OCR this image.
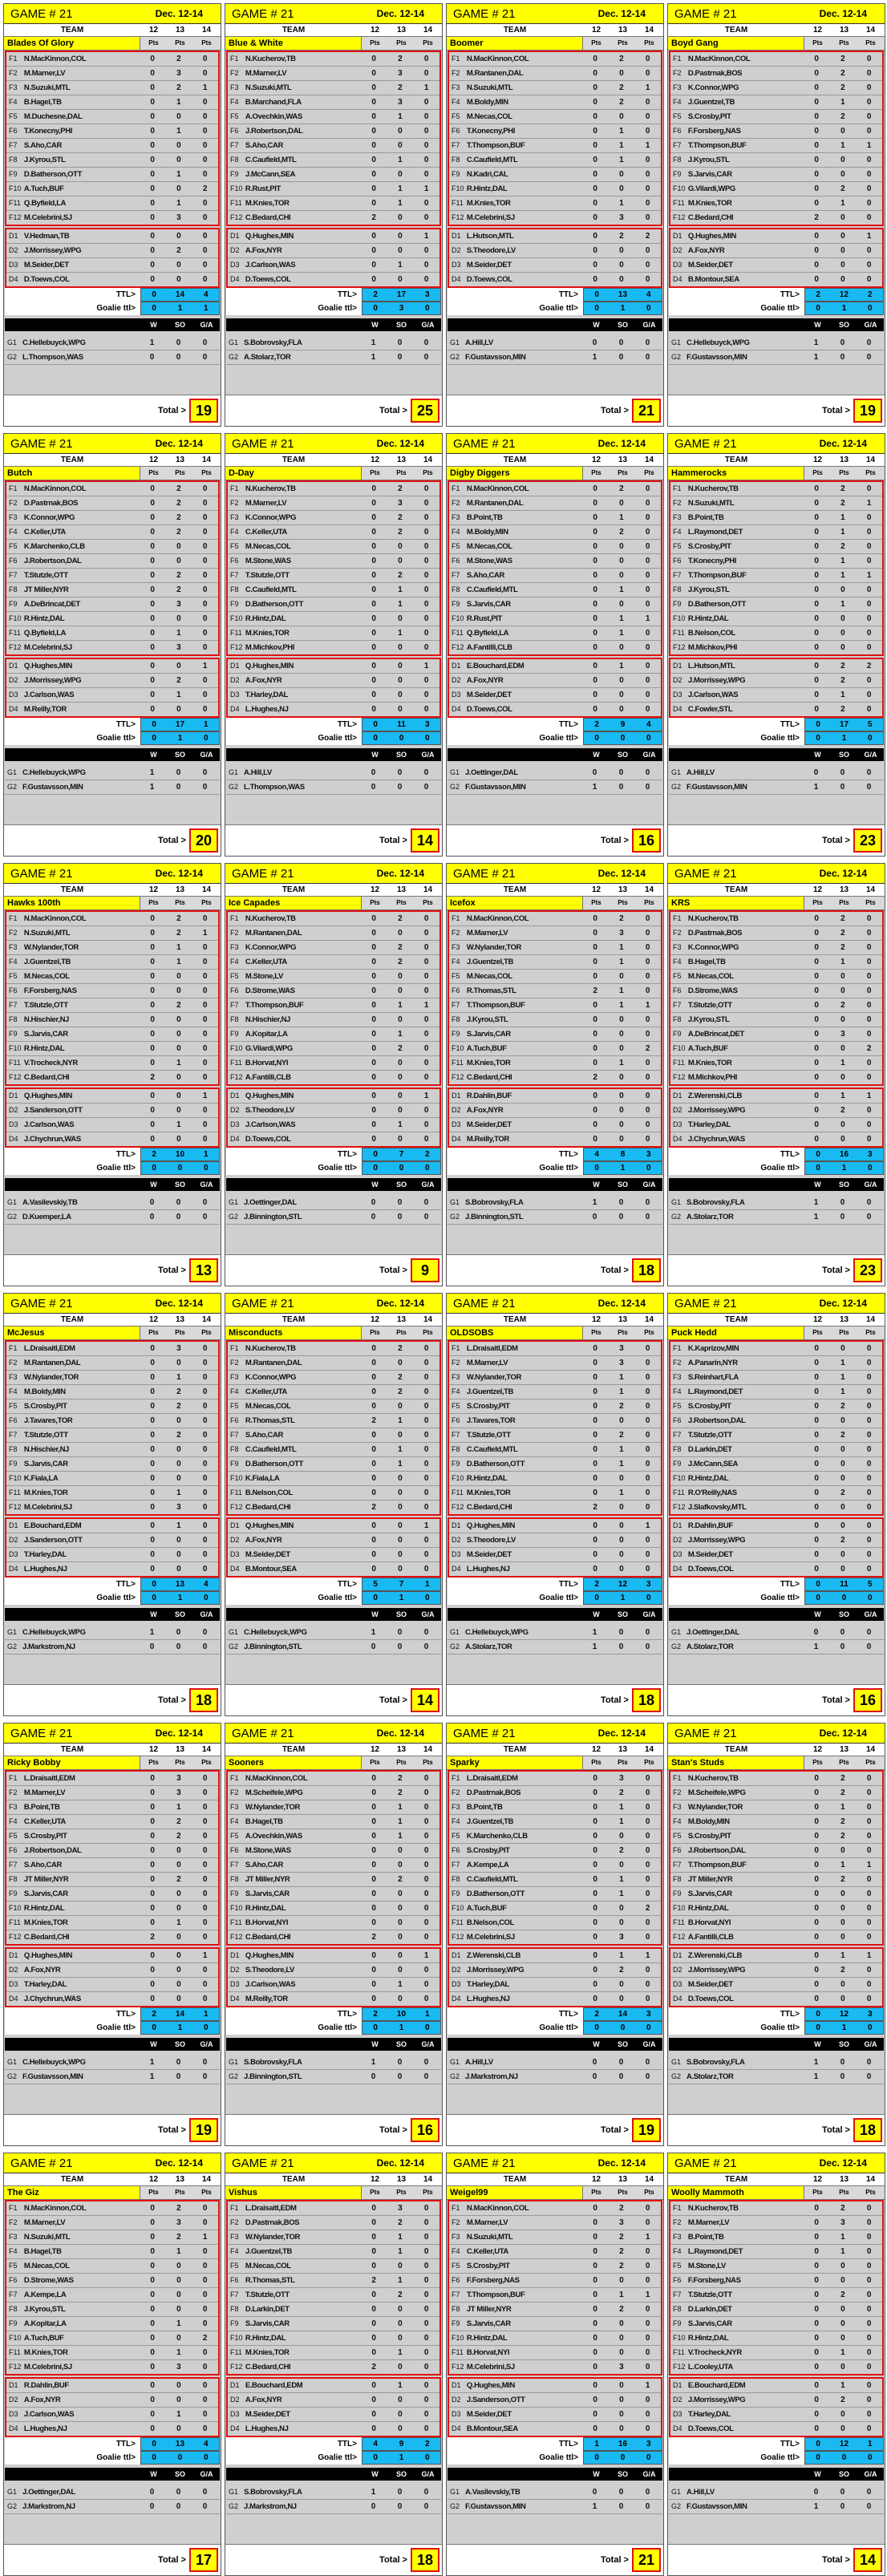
GAME # 21	Dec. 12-14
TEAM	12	13	14
Blades Of Glory	Pts	Pts	Pts
F1 N.MacKinnon,COL	0	2	0
F2 M.Marner,LV	0	3	0
F3 N.Suzuki,MTL	0	2	1
F4 B.Hagel,TB	0	1	0
F5 M.Duchesne,DAL	0	0	0
F6 T.Konecny,PHI	0	1	0
F7 S.Aho,CAR	0	0	0
F8 J.Kyrou,STL	0	0	0
F9 D.Batherson,OTT	0	1	0
F10 A.Tuch,BUF	0	0	2
F11 Q.Byfield,LA	0	1	0
F12 M.Celebrini,SJ	0	3	0
D1 V.Hedman,TB	0	0	0
D2 J.Morrissey,WPG	0	2	0
D3 M.Seider,DET	0	0	0
D4 D.Toews,COL	0	0	0
TTL>	0	14	4
Goalie ttl>	0	1	1
W	SO	G/A
G1 C.Hellebuyck,WPG	1	0	0
G2 L.Thompson,WAS	0	0	0
Total > 19
GAME # 21	Dec. 12-14
TEAM	12	13	14
Blue & White	Pts	Pts	Pts
F1 N.Kucherov,TB	0	2	0
F2 M.Marner,LV	0	3	0
F3 N.Suzuki,MTL	0	2	1
F4 B.Marchand,FLA	0	3	0
F5 A.Ovechkin,WAS	0	1	0
F6 J.Robertson,DAL	0	0	0
F7 S.Aho,CAR	0	0	0
F8 C.Caufield,MTL	0	1	0
F9 J.McCann,SEA	0	0	0
F10 R.Rust,PIT	0	1	1
F11 M.Knies,TOR	0	1	0
F12 C.Bedard,CHI	2	0	0
D1 Q.Hughes,MIN	0	0	1
D2 A.Fox,NYR	0	0	0
D3 J.Carlson,WAS	0	1	0
D4 D.Toews,COL	0	0	0
TTL>	2	17	3
Goalie ttl>	0	3	0
W	SO	G/A
G1 S.Bobrovsky,FLA	1	0	0
G2 A.Stolarz,TOR	1	0	0
Total > 25
GAME # 21	Dec. 12-14
TEAM	12	13	14
Boomer	Pts	Pts	Pts
F1 N.MacKinnon,COL	0	2	0
F2 M.Rantanen,DAL	0	0	0
F3 N.Suzuki,MTL	0	2	1
F4 M.Boldy,MIN	0	2	0
F5 M.Necas,COL	0	0	0
F6 T.Konecny,PHI	0	1	0
F7 T.Thompson,BUF	0	1	1
F8 C.Caufield,MTL	0	1	0
F9 N.Kadri,CAL	0	0	0
F10 R.Hintz,DAL	0	0	0
F11 M.Knies,TOR	0	1	0
F12 M.Celebrini,SJ	0	3	0
D1 L.Hutson,MTL	0	2	2
D2 S.Theodore,LV	0	0	0
D3 M.Seider,DET	0	0	0
D4 D.Toews,COL	0	0	0
TTL>	0	13	4
Goalie ttl>	0	1	0
W	SO	G/A
G1 A.Hill,LV	0	0	0
G2 F.Gustavsson,MIN	1	0	0
Total > 21
GAME # 21	Dec. 12-14
TEAM	12	13	14
Boyd Gang	Pts	Pts	Pts
F1 N.MacKinnon,COL	0	2	0
F2 D.Pastrnak,BOS	0	2	0
F3 K.Connor,WPG	0	2	0
F4 J.Guentzel,TB	0	1	0
F5 S.Crosby,PIT	0	2	0
F6 F.Forsberg,NAS	0	0	0
F7 T.Thompson,BUF	0	1	1
F8 J.Kyrou,STL	0	0	0
F9 S.Jarvis,CAR	0	0	0
F10 G.Vilardi,WPG	0	2	0
F11 M.Knies,TOR	0	1	0
F12 C.Bedard,CHI	2	0	0
D1 Q.Hughes,MIN	0	0	1
D2 A.Fox,NYR	0	0	0
D3 M.Seider,DET	0	0	0
D4 B.Montour,SEA	0	0	0
TTL>	2	12	2
Goalie ttl>	0	1	0
W	SO	G/A
G1 C.Hellebuyck,WPG	1	0	0
G2 F.Gustavsson,MIN	1	0	0
Total > 19
GAME # 21	Dec. 12-14
TEAM	12	13	14
Butch	Pts	Pts	Pts
F1 N.MacKinnon,COL	0	2	0
F2 D.Pastrnak,BOS	0	2	0
F3 K.Connor,WPG	0	2	0
F4 C.Keller,UTA	0	2	0
F5 K.Marchenko,CLB	0	0	0
F6 J.Robertson,DAL	0	0	0
F7 T.Stutzle,OTT	0	2	0
F8 JT Miller,NYR	0	2	0
F9 A.DeBrincat,DET	0	3	0
F10 R.Hintz,DAL	0	0	0
F11 Q.Byfield,LA	0	1	0
F12 M.Celebrini,SJ	0	3	0
D1 Q.Hughes,MIN	0	0	1
D2 J.Morrissey,WPG	0	2	0
D3 J.Carlson,WAS	0	1	0
D4 M.Reilly,TOR	0	0	0
TTL>	0	17	1
Goalie ttl>	0	1	0
W	SO	G/A
G1 C.Hellebuyck,WPG	1	0	0
G2 F.Gustavsson,MIN	1	0	0
Total > 20
GAME # 21	Dec. 12-14
TEAM	12	13	14
D-Day	Pts	Pts	Pts
F1 N.Kucherov,TB	0	2	0
F2 M.Marner,LV	0	3	0
F3 K.Connor,WPG	0	2	0
F4 C.Keller,UTA	0	2	0
F5 M.Necas,COL	0	0	0
F6 M.Stone,WAS	0	0	0
F7 T.Stutzle,OTT	0	2	0
F8 C.Caufield,MTL	0	1	0
F9 D.Batherson,OTT	0	1	0
F10 R.Hintz,DAL	0	0	0
F11 M.Knies,TOR	0	1	0
F12 M.Michkov,PHI	0	0	0
D1 Q.Hughes,MIN	0	0	1
D2 A.Fox,NYR	0	0	0
D3 T.Harley,DAL	0	0	0
D4 L.Hughes,NJ	0	0	0
TTL>	0	11	3
Goalie ttl>	0	0	0
W	SO	G/A
G1 A.Hill,LV	0	0	0
G2 L.Thompson,WAS	0	0	0
Total > 14
GAME # 21	Dec. 12-14
TEAM	12	13	14
Digby Diggers	Pts	Pts	Pts
F1 N.MacKinnon,COL	0	2	0
F2 M.Rantanen,DAL	0	0	0
F3 B.Point,TB	0	1	0
F4 M.Boldy,MIN	0	2	0
F5 M.Necas,COL	0	0	0
F6 M.Stone,WAS	0	0	0
F7 S.Aho,CAR	0	0	0
F8 C.Caufield,MTL	0	1	0
F9 S.Jarvis,CAR	0	0	0
F10 R.Rust,PIT	0	1	1
F11 Q.Byfield,LA	0	1	0
F12 A.Fantilli,CLB	0	0	0
D1 E.Bouchard,EDM	0	1	0
D2 A.Fox,NYR	0	0	0
D3 M.Seider,DET	0	0	0
D4 D.Toews,COL	0	0	0
TTL>	2	9	4
Goalie ttl>	0	0	0
W	SO	G/A
G1 J.Oettinger,DAL	0	0	0
G2 F.Gustavsson,MIN	1	0	0
Total > 16
GAME # 21	Dec. 12-14
TEAM	12	13	14
Hammerocks	Pts	Pts	Pts
F1 N.Kucherov,TB	0	2	0
F2 N.Suzuki,MTL	0	2	1
F3 B.Point,TB	0	1	0
F4 L.Raymond,DET	0	1	0
F5 S.Crosby,PIT	0	2	0
F6 T.Konecny,PHI	0	1	0
F7 T.Thompson,BUF	0	1	1
F8 J.Kyrou,STL	0	0	0
F9 D.Batherson,OTT	0	1	0
F10 R.Hintz,DAL	0	0	0
F11 B.Nelson,COL	0	0	0
F12 M.Michkov,PHI	0	0	0
D1 L.Hutson,MTL	0	2	2
D2 J.Morrissey,WPG	0	2	0
D3 J.Carlson,WAS	0	1	0
D4 C.Fowler,STL	0	2	0
TTL>	0	17	5
Goalie ttl>	0	1	0
W	SO	G/A
G1 A.Hill,LV	0	0	0
G2 F.Gustavsson,MIN	1	0	0
Total > 23
GAME # 21	Dec. 12-14
TEAM	12	13	14
Hawks 100th	Pts	Pts	Pts
F1 N.MacKinnon,COL	0	2	0
F2 N.Suzuki,MTL	0	2	1
F3 W.Nylander,TOR	0	1	0
F4 J.Guentzel,TB	0	1	0
F5 M.Necas,COL	0	0	0
F6 F.Forsberg,NAS	0	0	0
F7 T.Stutzle,OTT	0	2	0
F8 N.Hischier,NJ	0	0	0
F9 S.Jarvis,CAR	0	0	0
F10 R.Hintz,DAL	0	0	0
F11 V.Trocheck,NYR	0	1	0
F12 C.Bedard,CHI	2	0	0
D1 Q.Hughes,MIN	0	0	1
D2 J.Sanderson,OTT	0	0	0
D3 J.Carlson,WAS	0	1	0
D4 J.Chychrun,WAS	0	0	0
TTL>	2	10	1
Goalie ttl>	0	0	0
W	SO	G/A
G1 A.Vasilevskiy,TB	0	0	0
G2 D.Kuemper,LA	0	0	0
Total > 13
GAME # 21	Dec. 12-14
TEAM	12	13	14
Ice Capades	Pts	Pts	Pts
F1 N.Kucherov,TB	0	2	0
F2 M.Rantanen,DAL	0	0	0
F3 K.Connor,WPG	0	2	0
F4 C.Keller,UTA	0	2	0
F5 M.Stone,LV	0	0	0
F6 D.Strome,WAS	0	0	0
F7 T.Thompson,BUF	0	1	1
F8 N.Hischier,NJ	0	0	0
F9 A.Kopitar,LA	0	1	0
F10 G.Vilardi,WPG	0	2	0
F11 B.Horvat,NYI	0	0	0
F12 A.Fantilli,CLB	0	0	0
D1 Q.Hughes,MIN	0	0	1
D2 S.Theodore,LV	0	0	0
D3 J.Carlson,WAS	0	1	0
D4 D.Toews,COL	0	0	0
TTL>	0	7	2
Goalie ttl>	0	0	0
W	SO	G/A
G1 J.Oettinger,DAL	0	0	0
G2 J.Binnington,STL	0	0	0
Total > 9
GAME # 21	Dec. 12-14
TEAM	12	13	14
Icefox	Pts	Pts	Pts
F1 N.MacKinnon,COL	0	2	0
F2 M.Marner,LV	0	3	0
F3 W.Nylander,TOR	0	1	0
F4 J.Guentzel,TB	0	1	0
F5 M.Necas,COL	0	0	0
F6 R.Thomas,STL	2	1	0
F7 T.Thompson,BUF	0	1	1
F8 J.Kyrou,STL	0	0	0
F9 S.Jarvis,CAR	0	0	0
F10 A.Tuch,BUF	0	0	2
F11 M.Knies,TOR	0	1	0
F12 C.Bedard,CHI	2	0	0
D1 R.Dahlin,BUF	0	0	0
D2 A.Fox,NYR	0	0	0
D3 M.Seider,DET	0	0	0
D4 M.Reilly,TOR	0	0	0
TTL>	4	8	3
Goalie ttl>	0	1	0
W	SO	G/A
G1 S.Bobrovsky,FLA	1	0	0
G2 J.Binnington,STL	0	0	0
Total > 18
GAME # 21	Dec. 12-14
TEAM	12	13	14
KRS	Pts	Pts	Pts
F1 N.Kucherov,TB	0	2	0
F2 D.Pastrnak,BOS	0	2	0
F3 K.Connor,WPG	0	2	0
F4 B.Hagel,TB	0	1	0
F5 M.Necas,COL	0	0	0
F6 D.Strome,WAS	0	0	0
F7 T.Stutzle,OTT	0	2	0
F8 J.Kyrou,STL	0	0	0
F9 A.DeBrincat,DET	0	3	0
F10 A.Tuch,BUF	0	0	2
F11 M.Knies,TOR	0	1	0
F12 M.Michkov,PHI	0	0	0
D1 Z.Werenski,CLB	0	1	1
D2 J.Morrissey,WPG	0	2	0
D3 T.Harley,DAL	0	0	0
D4 J.Chychrun,WAS	0	0	0
TTL>	0	16	3
Goalie ttl>	0	1	0
W	SO	G/A
G1 S.Bobrovsky,FLA	1	0	0
G2 A.Stolarz,TOR	1	0	0
Total > 23
GAME # 21	Dec. 12-14
TEAM	12	13	14
McJesus	Pts	Pts	Pts
F1 L.Draisaitl,EDM	0	3	0
F2 M.Rantanen,DAL	0	0	0
F3 W.Nylander,TOR	0	1	0
F4 M.Boldy,MIN	0	2	0
F5 S.Crosby,PIT	0	2	0
F6 J.Tavares,TOR	0	0	0
F7 T.Stutzle,OTT	0	2	0
F8 N.Hischier,NJ	0	0	0
F9 S.Jarvis,CAR	0	0	0
F10 K.Fiala,LA	0	0	0
F11 M.Knies,TOR	0	1	0
F12 M.Celebrini,SJ	0	3	0
D1 E.Bouchard,EDM	0	1	0
D2 J.Sanderson,OTT	0	0	0
D3 T.Harley,DAL	0	0	0
D4 L.Hughes,NJ	0	0	0
TTL>	0	13	4
Goalie ttl>	0	1	0
W	SO	G/A
G1 C.Hellebuyck,WPG	1	0	0
G2 J.Markstrom,NJ	0	0	0
Total > 18
GAME # 21	Dec. 12-14
TEAM	12	13	14
Misconducts	Pts	Pts	Pts
F1 N.Kucherov,TB	0	2	0
F2 M.Rantanen,DAL	0	0	0
F3 K.Connor,WPG	0	2	0
F4 C.Keller,UTA	0	2	0
F5 M.Necas,COL	0	0	0
F6 R.Thomas,STL	2	1	0
F7 S.Aho,CAR	0	0	0
F8 C.Caufield,MTL	0	1	0
F9 D.Batherson,OTT	0	1	0
F10 K.Fiala,LA	0	0	0
F11 B.Nelson,COL	0	0	0
F12 C.Bedard,CHI	2	0	0
D1 Q.Hughes,MIN	0	0	1
D2 A.Fox,NYR	0	0	0
D3 M.Seider,DET	0	0	0
D4 B.Montour,SEA	0	0	0
TTL>	5	7	1
Goalie ttl>	0	1	0
W	SO	G/A
G1 C.Hellebuyck,WPG	1	0	0
G2 J.Binnington,STL	0	0	0
Total > 14
GAME # 21	Dec. 12-14
TEAM	12	13	14
OLDSOBS	Pts	Pts	Pts
F1 L.Draisaitl,EDM	0	3	0
F2 M.Marner,LV	0	3	0
F3 W.Nylander,TOR	0	1	0
F4 J.Guentzel,TB	0	1	0
F5 S.Crosby,PIT	0	2	0
F6 J.Tavares,TOR	0	0	0
F7 T.Stutzle,OTT	0	2	0
F8 C.Caufield,MTL	0	1	0
F9 D.Batherson,OTT	0	1	0
F10 R.Hintz,DAL	0	0	0
F11 M.Knies,TOR	0	1	0
F12 C.Bedard,CHI	2	0	0
D1 Q.Hughes,MIN	0	0	1
D2 S.Theodore,LV	0	0	0
D3 M.Seider,DET	0	0	0
D4 L.Hughes,NJ	0	0	0
TTL>	2	12	3
Goalie ttl>	0	1	0
W	SO	G/A
G1 C.Hellebuyck,WPG	1	0	0
G2 A.Stolarz,TOR	1	0	0
Total > 18
GAME # 21	Dec. 12-14
TEAM	12	13	14
Puck Hedd	Pts	Pts	Pts
F1 K.Kaprizov,MIN	0	0	0
F2 A.Panarin,NYR	0	1	0
F3 S.Reinhart,FLA	0	1	0
F4 L.Raymond,DET	0	1	0
F5 S.Crosby,PIT	0	2	0
F6 J.Robertson,DAL	0	0	0
F7 T.Stutzle,OTT	0	2	0
F8 D.Larkin,DET	0	0	0
F9 J.McCann,SEA	0	0	0
F10 R.Hintz,DAL	0	0	0
F11 R.O'Reilly,NAS	0	2	0
F12 J.Slafkovsky,MTL	0	0	0
D1 R.Dahlin,BUF	0	0	0
D2 J.Morrissey,WPG	0	2	0
D3 M.Seider,DET	0	0	0
D4 D.Toews,COL	0	0	0
TTL>	0	11	5
Goalie ttl>	0	0	0
W	SO	G/A
G1 J.Oettinger,DAL	0	0	0
G2 A.Stolarz,TOR	1	0	0
Total > 16
GAME # 21	Dec. 12-14
TEAM	12	13	14
Ricky Bobby	Pts	Pts	Pts
F1 L.Draisaitl,EDM	0	3	0
F2 M.Marner,LV	0	3	0
F3 B.Point,TB	0	1	0
F4 C.Keller,UTA	0	2	0
F5 S.Crosby,PIT	0	2	0
F6 J.Robertson,DAL	0	0	0
F7 S.Aho,CAR	0	0	0
F8 JT Miller,NYR	0	2	0
F9 S.Jarvis,CAR	0	0	0
F10 R.Hintz,DAL	0	0	0
F11 M.Knies,TOR	0	1	0
F12 C.Bedard,CHI	2	0	0
D1 Q.Hughes,MIN	0	0	1
D2 A.Fox,NYR	0	0	0
D3 T.Harley,DAL	0	0	0
D4 J.Chychrun,WAS	0	0	0
TTL>	2	14	1
Goalie ttl>	0	1	0
W	SO	G/A
G1 C.Hellebuyck,WPG	1	0	0
G2 F.Gustavsson,MIN	1	0	0
Total > 19
GAME # 21	Dec. 12-14
TEAM	12	13	14
Sooners	Pts	Pts	Pts
F1 N.MacKinnon,COL	0	2	0
F2 M.Scheifele,WPG	0	2	0
F3 W.Nylander,TOR	0	1	0
F4 B.Hagel,TB	0	1	0
F5 A.Ovechkin,WAS	0	1	0
F6 M.Stone,WAS	0	0	0
F7 S.Aho,CAR	0	0	0
F8 JT Miller,NYR	0	2	0
F9 S.Jarvis,CAR	0	0	0
F10 R.Hintz,DAL	0	0	0
F11 B.Horvat,NYI	0	0	0
F12 C.Bedard,CHI	2	0	0
D1 Q.Hughes,MIN	0	0	1
D2 S.Theodore,LV	0	0	0
D3 J.Carlson,WAS	0	1	0
D4 M.Reilly,TOR	0	0	0
TTL>	2	10	1
Goalie ttl>	0	1	0
W	SO	G/A
G1 S.Bobrovsky,FLA	1	0	0
G2 J.Binnington,STL	0	0	0
Total > 16
GAME # 21	Dec. 12-14
TEAM	12	13	14
Sparky	Pts	Pts	Pts
F1 L.Draisaitl,EDM	0	3	0
F2 D.Pastrnak,BOS	0	2	0
F3 B.Point,TB	0	1	0
F4 J.Guentzel,TB	0	1	0
F5 K.Marchenko,CLB	0	0	0
F6 S.Crosby,PIT	0	2	0
F7 A.Kempe,LA	0	0	0
F8 C.Caufield,MTL	0	1	0
F9 D.Batherson,OTT	0	1	0
F10 A.Tuch,BUF	0	0	2
F11 B.Nelson,COL	0	0	0
F12 M.Celebrini,SJ	0	3	0
D1 Z.Werenski,CLB	0	1	1
D2 J.Morrissey,WPG	0	2	0
D3 T.Harley,DAL	0	0	0
D4 L.Hughes,NJ	0	0	0
TTL>	2	14	3
Goalie ttl>	0	0	0
W	SO	G/A
G1 A.Hill,LV	0	0	0
G2 J.Markstrom,NJ	0	0	0
Total > 19
GAME # 21	Dec. 12-14
TEAM	12	13	14
Stan's Studs	Pts	Pts	Pts
F1 N.Kucherov,TB	0	2	0
F2 M.Scheifele,WPG	0	2	0
F3 W.Nylander,TOR	0	1	0
F4 M.Boldy,MIN	0	2	0
F5 S.Crosby,PIT	0	2	0
F6 J.Robertson,DAL	0	0	0
F7 T.Thompson,BUF	0	1	1
F8 JT Miller,NYR	0	2	0
F9 S.Jarvis,CAR	0	0	0
F10 R.Hintz,DAL	0	0	0
F11 B.Horvat,NYI	0	0	0
F12 A.Fantilli,CLB	0	0	0
D1 Z.Werenski,CLB	0	1	1
D2 J.Morrissey,WPG	0	2	0
D3 M.Seider,DET	0	0	0
D4 D.Toews,COL	0	0	0
TTL>	0	12	3
Goalie ttl>	0	1	0
W	SO	G/A
G1 S.Bobrovsky,FLA	1	0	0
G2 A.Stolarz,TOR	1	0	0
Total > 18
GAME # 21	Dec. 12-14
TEAM	12	13	14
The Giz	Pts	Pts	Pts
F1 N.MacKinnon,COL	0	2	0
F2 M.Marner,LV	0	3	0
F3 N.Suzuki,MTL	0	2	1
F4 B.Hagel,TB	0	1	0
F5 M.Necas,COL	0	0	0
F6 D.Strome,WAS	0	0	0
F7 A.Kempe,LA	0	0	0
F8 J.Kyrou,STL	0	0	0
F9 A.Kopitar,LA	0	1	0
F10 A.Tuch,BUF	0	0	2
F11 M.Knies,TOR	0	1	0
F12 M.Celebrini,SJ	0	3	0
D1 R.Dahlin,BUF	0	0	0
D2 A.Fox,NYR	0	0	0
D3 J.Carlson,WAS	0	1	0
D4 L.Hughes,NJ	0	0	0
TTL>	0	13	4
Goalie ttl>	0	0	0
W	SO	G/A
G1 J.Oettinger,DAL	0	0	0
G2 J.Markstrom,NJ	0	0	0
Total > 17
GAME # 21	Dec. 12-14
TEAM	12	13	14
Vishus	Pts	Pts	Pts
F1 L.Draisaitl,EDM	0	3	0
F2 D.Pastrnak,BOS	0	2	0
F3 W.Nylander,TOR	0	1	0
F4 J.Guentzel,TB	0	1	0
F5 M.Necas,COL	0	0	0
F6 R.Thomas,STL	2	1	0
F7 T.Stutzle,OTT	0	2	0
F8 D.Larkin,DET	0	0	0
F9 S.Jarvis,CAR	0	0	0
F10 R.Hintz,DAL	0	0	0
F11 M.Knies,TOR	0	1	0
F12 C.Bedard,CHI	2	0	0
D1 E.Bouchard,EDM	0	1	0
D2 A.Fox,NYR	0	0	0
D3 M.Seider,DET	0	0	0
D4 L.Hughes,NJ	0	0	0
TTL>	4	9	2
Goalie ttl>	0	1	0
W	SO	G/A
G1 S.Bobrovsky,FLA	1	0	0
G2 J.Markstrom,NJ	0	0	0
Total > 18
GAME # 21	Dec. 12-14
TEAM	12	13	14
Weigel99	Pts	Pts	Pts
F1 N.MacKinnon,COL	0	2	0
F2 M.Marner,LV	0	3	0
F3 N.Suzuki,MTL	0	2	1
F4 C.Keller,UTA	0	2	0
F5 S.Crosby,PIT	0	2	0
F6 F.Forsberg,NAS	0	0	0
F7 T.Thompson,BUF	0	1	1
F8 JT Miller,NYR	0	2	0
F9 S.Jarvis,CAR	0	0	0
F10 R.Hintz,DAL	0	0	0
F11 B.Horvat,NYI	0	0	0
F12 M.Celebrini,SJ	0	3	0
D1 Q.Hughes,MIN	0	0	1
D2 J.Sanderson,OTT	0	0	0
D3 M.Seider,DET	0	0	0
D4 B.Montour,SEA	0	0	0
TTL>	1	16	3
Goalie ttl>	0	0	0
W	SO	G/A
G1 A.Vasilevskiy,TB	0	0	0
G2 F.Gustavsson,MIN	1	0	0
Total > 21
GAME # 21	Dec. 12-14
TEAM	12	13	14
Woolly Mammoth	Pts	Pts	Pts
F1 N.Kucherov,TB	0	2	0
F2 M.Marner,LV	0	3	0
F3 B.Point,TB	0	1	0
F4 L.Raymond,DET	0	1	0
F5 M.Stone,LV	0	0	0
F6 F.Forsberg,NAS	0	0	0
F7 T.Stutzle,OTT	0	2	0
F8 D.Larkin,DET	0	0	0
F9 S.Jarvis,CAR	0	0	0
F10 R.Hintz,DAL	0	0	0
F11 V.Trocheck,NYR	0	1	0
F12 L.Cooley,UTA	0	0	0
D1 E.Bouchard,EDM	0	1	0
D2 J.Morrissey,WPG	0	2	0
D3 T.Harley,DAL	0	0	0
D4 D.Toews,COL	0	0	0
TTL>	0	12	1
Goalie ttl>	0	0	0
W	SO	G/A
G1 A.Hill,LV	0	0	0
G2 F.Gustavsson,MIN	1	0	0
Total > 14
